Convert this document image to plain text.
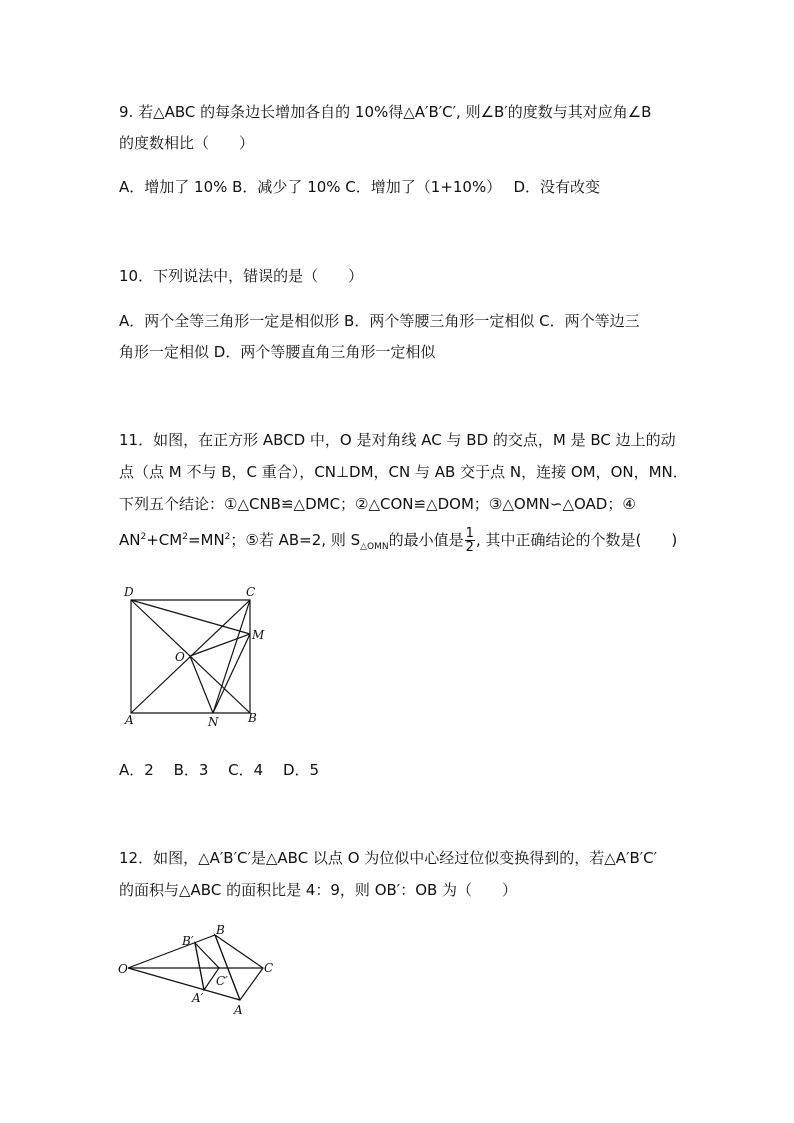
9. 若△ABC 的每条边长增加各自的 10%得△A′B′C′, 则∠B′的度数与其对应角∠B
的度数相比（　　）
A．增加了 10% B．减少了 10% C．增加了（1+10%）　 D．没有改变
10．下列说法中，错误的是（　　）
A．两个全等三角形一定是相似形 B．两个等腰三角形一定相似 C．两个等边三
角形一定相似 D．两个等腰直角三角形一定相似
11．如图，在正方形 ABCD 中，O 是对角线 AC 与 BD 的交点，M 是 BC 边上的动
点（点 M 不与 B，C 重合），CN⊥DM，CN 与 AB 交于点 N，连接 OM，ON，MN．
下列五个结论：①△CNB≌△DMC；②△CON≌△DOM；③△OMN∽△OAD；④
$AN^2+CM^2=MN^2$；⑤若 AB=2, 则 $S_{\triangle OMN}$的最小值是 $\frac{1}{2}$ , 其中正确结论的个数是(　　)
D	C
M
O
A	N B
A．2　 B．3　 C．4　 D．5
12．如图，△A′B′C′是△ABC 以点 O 为位似中心经过位似变换得到的，若△A′B′C′
的面积与△ABC 的面积比是 4：9，则 OB′：OB 为（　　）
O
B′
B
C
C′
A′
A
